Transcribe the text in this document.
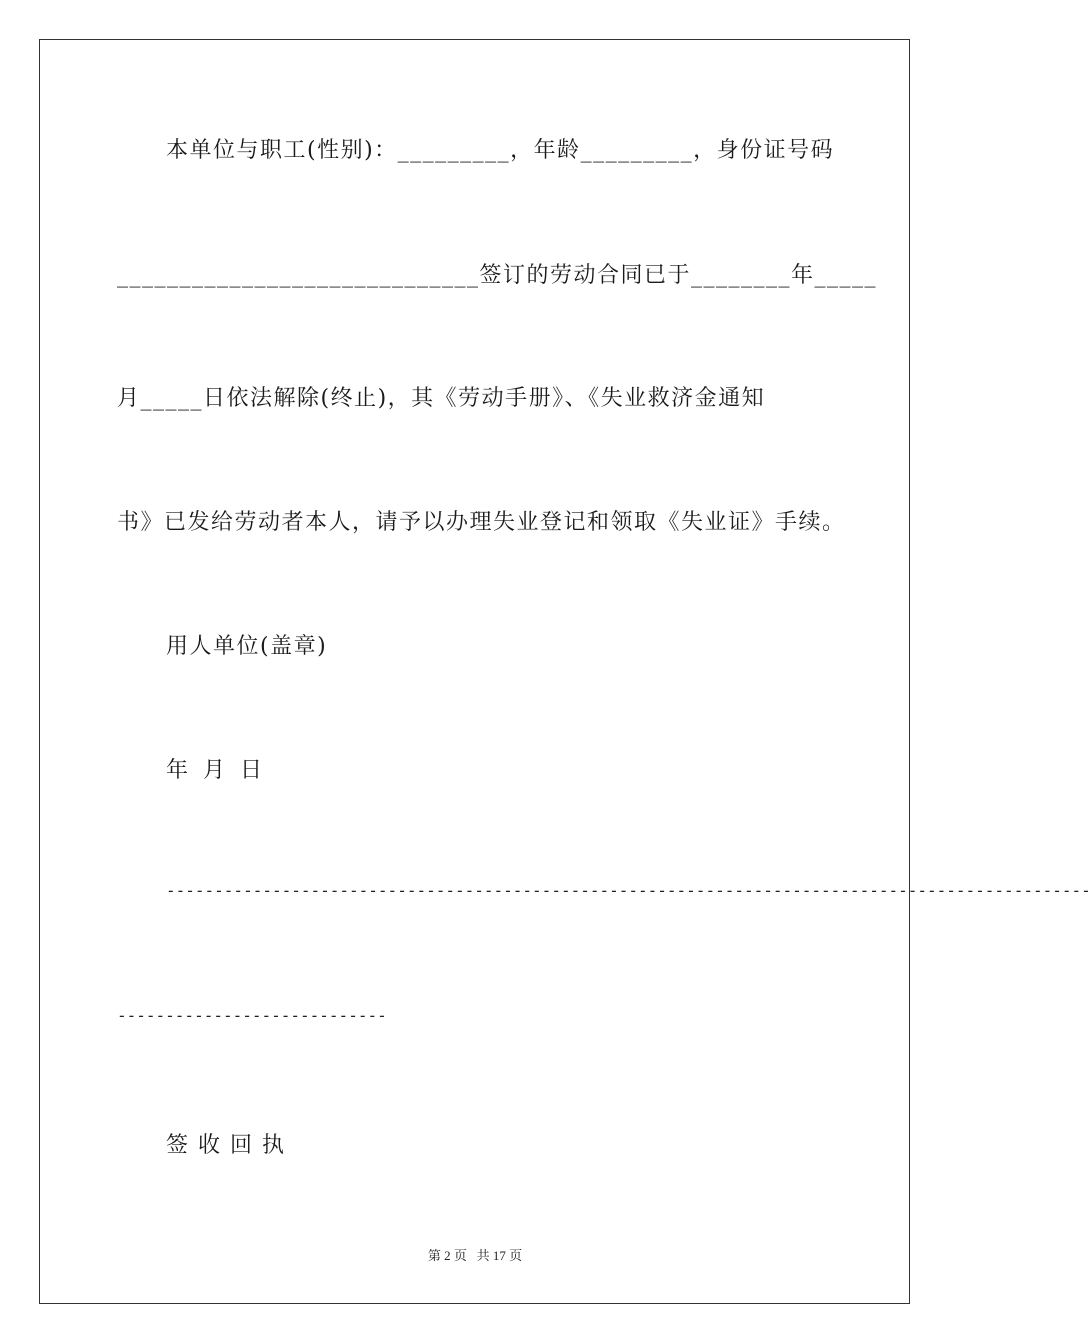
本单位与职工(性别)：_________，年龄_________，身份证号码
_____________________________签订的劳动合同已于________年_____
月_____日依法解除(终止)，其《劳动手册》、《失业救济金通知
书》已发给劳动者本人，请予以办理失业登记和领取《失业证》手续。
用人单位(盖章)
年 月 日
------------------------------------------------------------------------------------------------
----------------------------
签收回执
第 2 页   共 17 页
